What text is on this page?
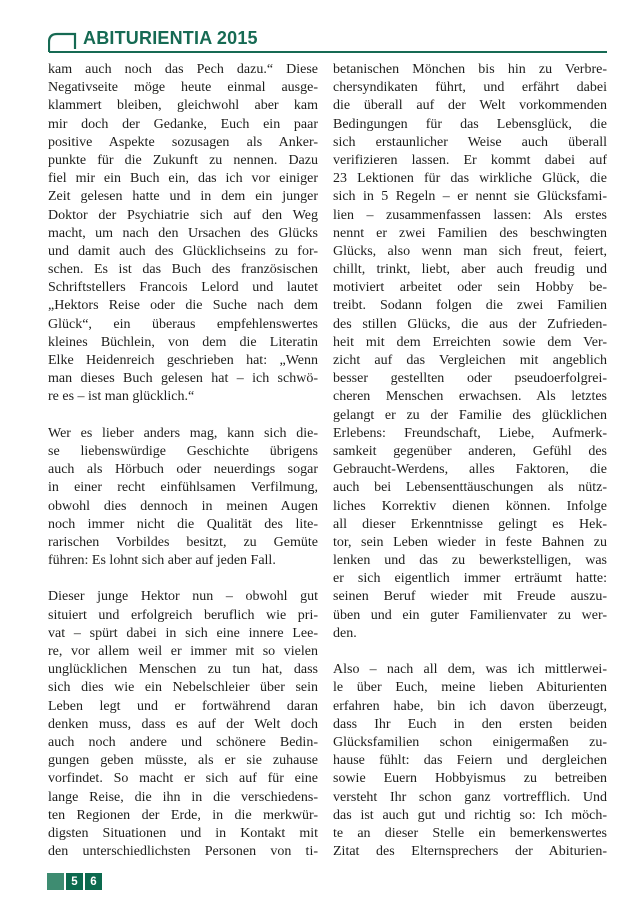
ABITURIENTIA 2015
kam auch noch das Pech dazu.“ Diese
Negativseite möge heute einmal ausge-
klammert bleiben, gleichwohl aber kam
mir doch der Gedanke, Euch ein paar
positive Aspekte sozusagen als Anker-
punkte für die Zukunft zu nennen. Dazu
fiel mir ein Buch ein, das ich vor einiger
Zeit gelesen hatte und in dem ein junger
Doktor der Psychiatrie sich auf den Weg
macht, um nach den Ursachen des Glücks
und damit auch des Glücklichseins zu for-
schen. Es ist das Buch des französischen
Schriftstellers Francois Lelord und lautet
„Hektors Reise oder die Suche nach dem
Glück“, ein überaus empfehlenswertes
kleines Büchlein, von dem die Literatin
Elke Heidenreich geschrieben hat: „Wenn
man dieses Buch gelesen hat – ich schwö-
re es – ist man glücklich.“
Wer es lieber anders mag, kann sich die-
se liebenswürdige Geschichte übrigens
auch als Hörbuch oder neuerdings sogar
in einer recht einfühlsamen Verfilmung,
obwohl dies dennoch in meinen Augen
noch immer nicht die Qualität des lite-
rarischen Vorbildes besitzt, zu Gemüte
führen: Es lohnt sich aber auf jeden Fall.
Dieser junge Hektor nun – obwohl gut
situiert und erfolgreich beruflich wie pri-
vat – spürt dabei in sich eine innere Lee-
re, vor allem weil er immer mit so vielen
unglücklichen Menschen zu tun hat, dass
sich dies wie ein Nebelschleier über sein
Leben legt und er fortwährend daran
denken muss, dass es auf der Welt doch
auch noch andere und schönere Bedin-
gungen geben müsste, als er sie zuhause
vorfindet. So macht er sich auf für eine
lange Reise, die ihn in die verschiedens-
ten Regionen der Erde, in die merkwür-
digsten Situationen und in Kontakt mit
den unterschiedlichsten Personen von ti-
betanischen Mönchen bis hin zu Verbre-
chersyndikaten führt, und erfährt dabei
die überall auf der Welt vorkommenden
Bedingungen für das Lebensglück, die
sich erstaunlicher Weise auch überall
verifizieren lassen. Er kommt dabei auf
23 Lektionen für das wirkliche Glück, die
sich in 5 Regeln – er nennt sie Glücksfami-
lien – zusammenfassen lassen: Als erstes
nennt er zwei Familien des beschwingten
Glücks, also wenn man sich freut, feiert,
chillt, trinkt, liebt, aber auch freudig und
motiviert arbeitet oder sein Hobby be-
treibt. Sodann folgen die zwei Familien
des stillen Glücks, die aus der Zufrieden-
heit mit dem Erreichten sowie dem Ver-
zicht auf das Vergleichen mit angeblich
besser gestellten oder pseudoerfolgrei-
cheren Menschen erwachsen. Als letztes
gelangt er zu der Familie des glücklichen
Erlebens: Freundschaft, Liebe, Aufmerk-
samkeit gegenüber anderen, Gefühl des
Gebraucht-Werdens, alles Faktoren, die
auch bei Lebensenttäuschungen als nütz-
liches Korrektiv dienen können. Infolge
all dieser Erkenntnisse gelingt es Hek-
tor, sein Leben wieder in feste Bahnen zu
lenken und das zu bewerkstelligen, was
er sich eigentlich immer erträumt hatte:
seinen Beruf wieder mit Freude auszu-
üben und ein guter Familienvater zu wer-
den.
Also – nach all dem, was ich mittlerwei-
le über Euch, meine lieben Abiturienten
erfahren habe, bin ich davon überzeugt,
dass Ihr Euch in den ersten beiden
Glücksfamilien schon einigermaßen zu-
hause fühlt: das Feiern und dergleichen
sowie Euern Hobbyismus zu betreiben
versteht Ihr schon ganz vortrefflich. Und
das ist auch gut und richtig so: Ich möch-
te an dieser Stelle ein bemerkenswertes
Zitat des Elternsprechers der Abiturien-
5	6
